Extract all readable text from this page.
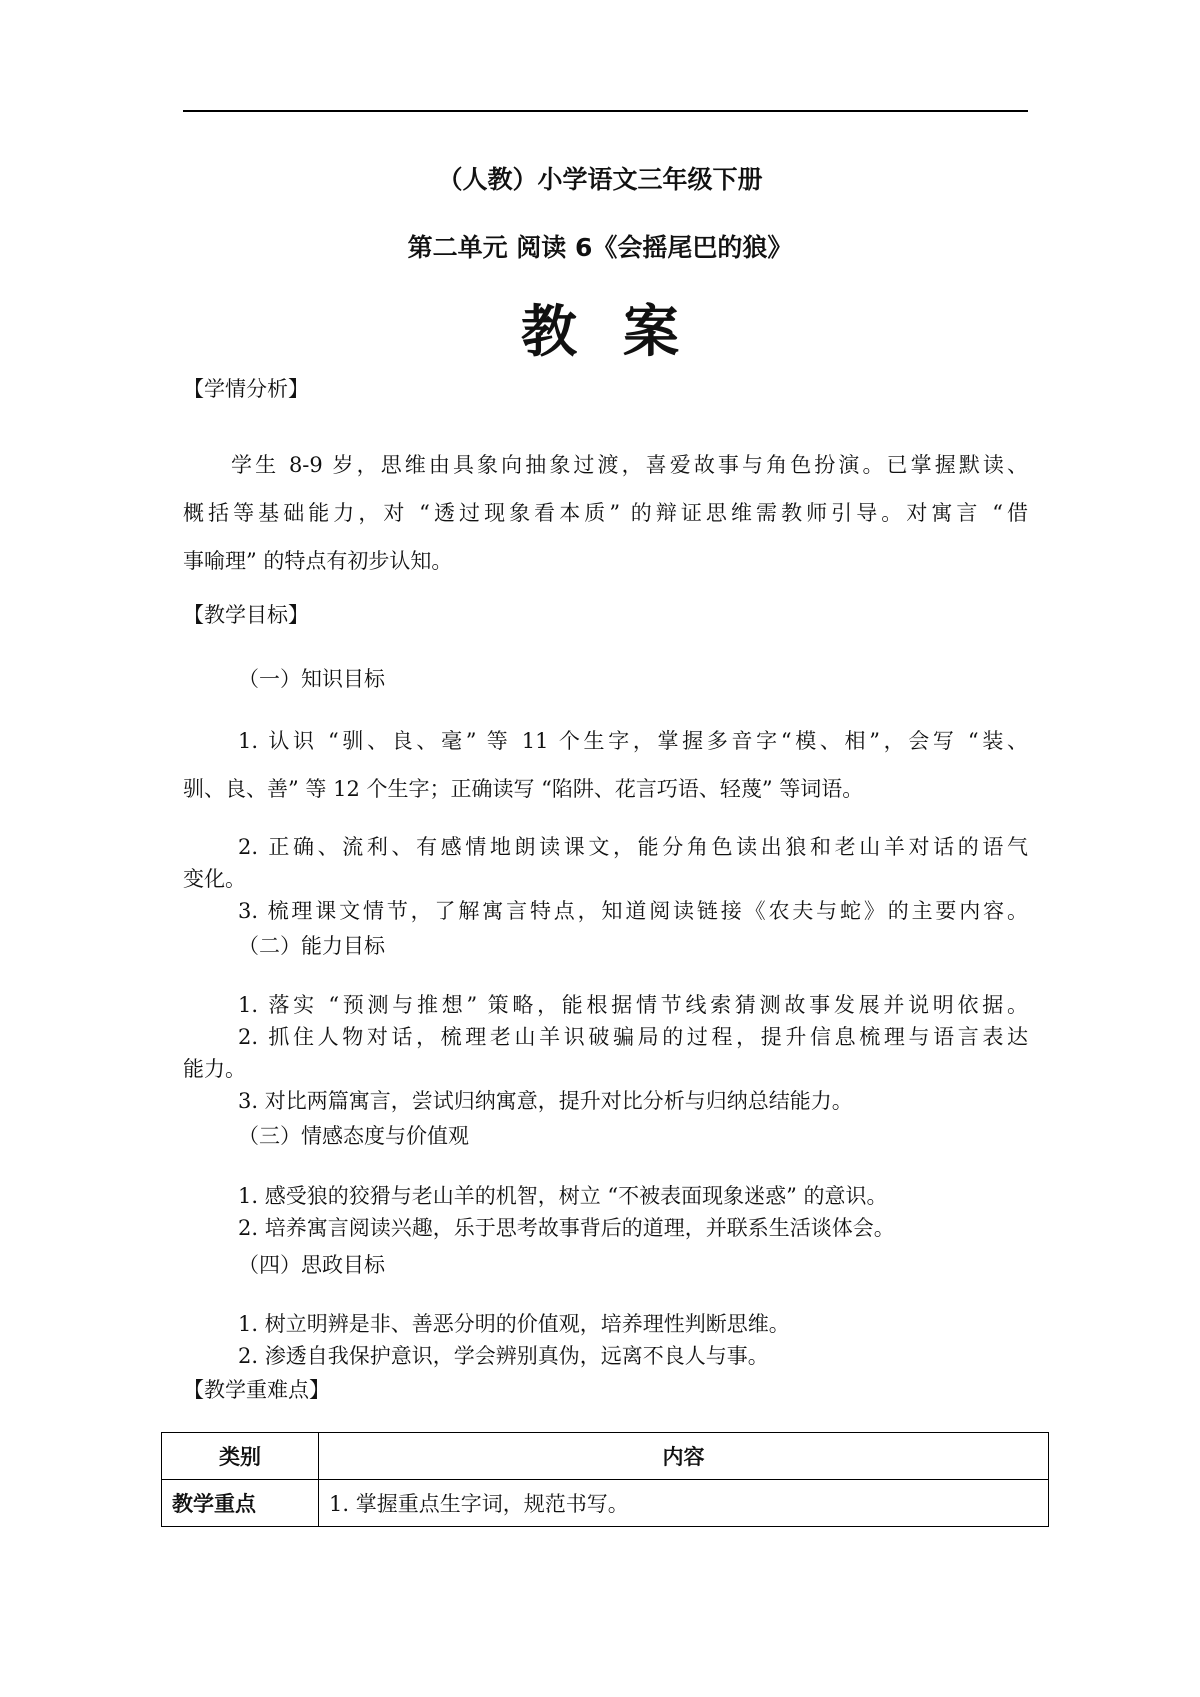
（人教）小学语文三年级下册
第二单元 阅读 6《会摇尾巴的狼》
教案
【学情分析】
学生 8-9 岁，思维由具象向抽象过渡，喜爱故事与角色扮演。已掌握默读、
概括等基础能力，对 “透过现象看本质” 的辩证思维需教师引导。对寓言 “借
事喻理” 的特点有初步认知。
【教学目标】
（一）知识目标
1. 认识 “驯、良、毫” 等 11 个生字，掌握多音字“模、相”，会写 “装、
驯、良、善” 等 12 个生字；正确读写 “陷阱、花言巧语、轻蔑” 等词语。
2. 正确、流利、有感情地朗读课文，能分角色读出狼和老山羊对话的语气
变化。
3. 梳理课文情节，了解寓言特点，知道阅读链接《农夫与蛇》的主要内容。
（二）能力目标
1. 落实 “预测与推想” 策略，能根据情节线索猜测故事发展并说明依据。
2. 抓住人物对话，梳理老山羊识破骗局的过程，提升信息梳理与语言表达
能力。
3. 对比两篇寓言，尝试归纳寓意，提升对比分析与归纳总结能力。
（三）情感态度与价值观
1. 感受狼的狡猾与老山羊的机智，树立 “不被表面现象迷惑” 的意识。
2. 培养寓言阅读兴趣，乐于思考故事背后的道理，并联系生活谈体会。
（四）思政目标
1. 树立明辨是非、善恶分明的价值观，培养理性判断思维。
2. 渗透自我保护意识，学会辨别真伪，远离不良人与事。
【教学重难点】
类别	内容
教学重点	1. 掌握重点生字词，规范书写。
